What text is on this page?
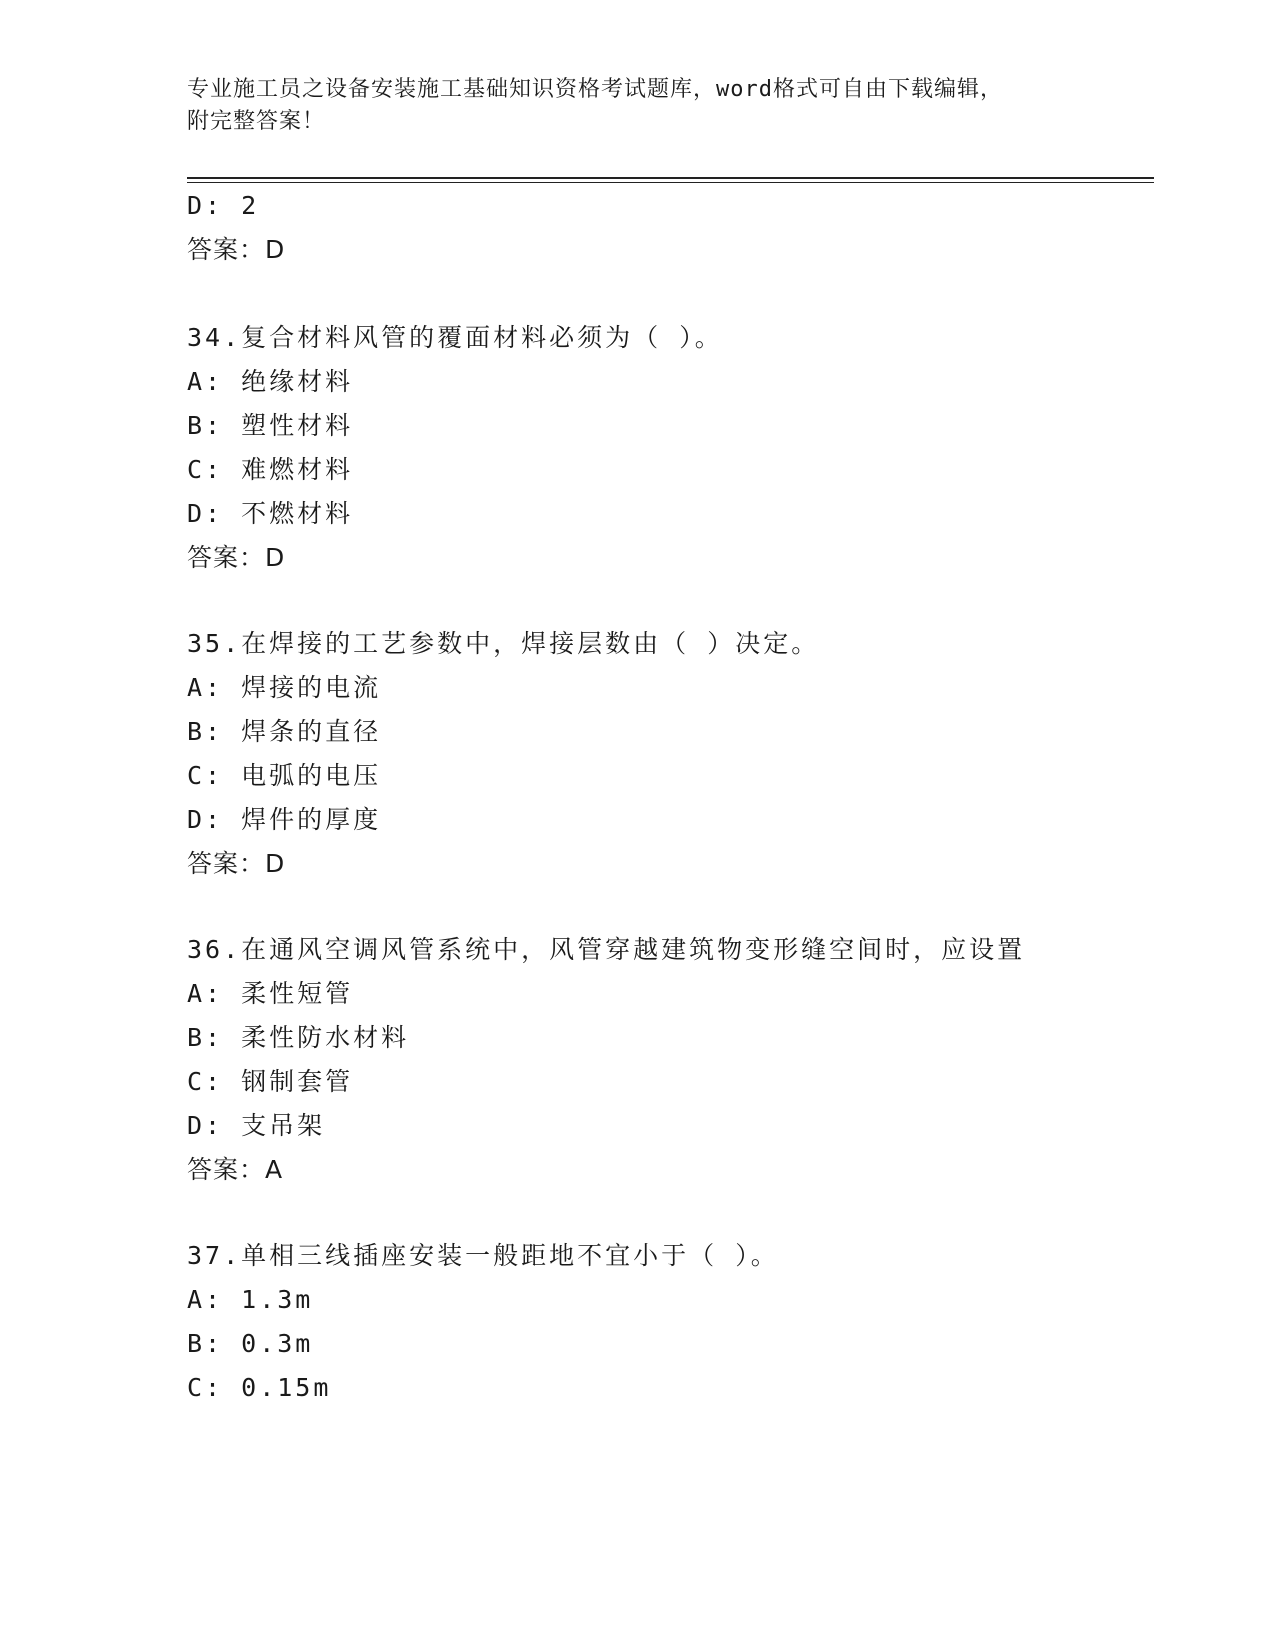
专业施工员之设备安装施工基础知识资格考试题库，word格式可自由下载编辑，
附完整答案！
D: 2
答案：D
34.复合材料风管的覆面材料必须为（ ）。
A: 绝缘材料
B: 塑性材料
C: 难燃材料
D: 不燃材料
答案：D
35.在焊接的工艺参数中，焊接层数由（ ）决定。
A: 焊接的电流
B: 焊条的直径
C: 电弧的电压
D: 焊件的厚度
答案：D
36.在通风空调风管系统中，风管穿越建筑物变形缝空间时，应设置
A: 柔性短管
B: 柔性防水材料
C: 钢制套管
D: 支吊架
答案：A
37.单相三线插座安装一般距地不宜小于（ ）。
A: 1.3m
B: 0.3m
C: 0.15m
